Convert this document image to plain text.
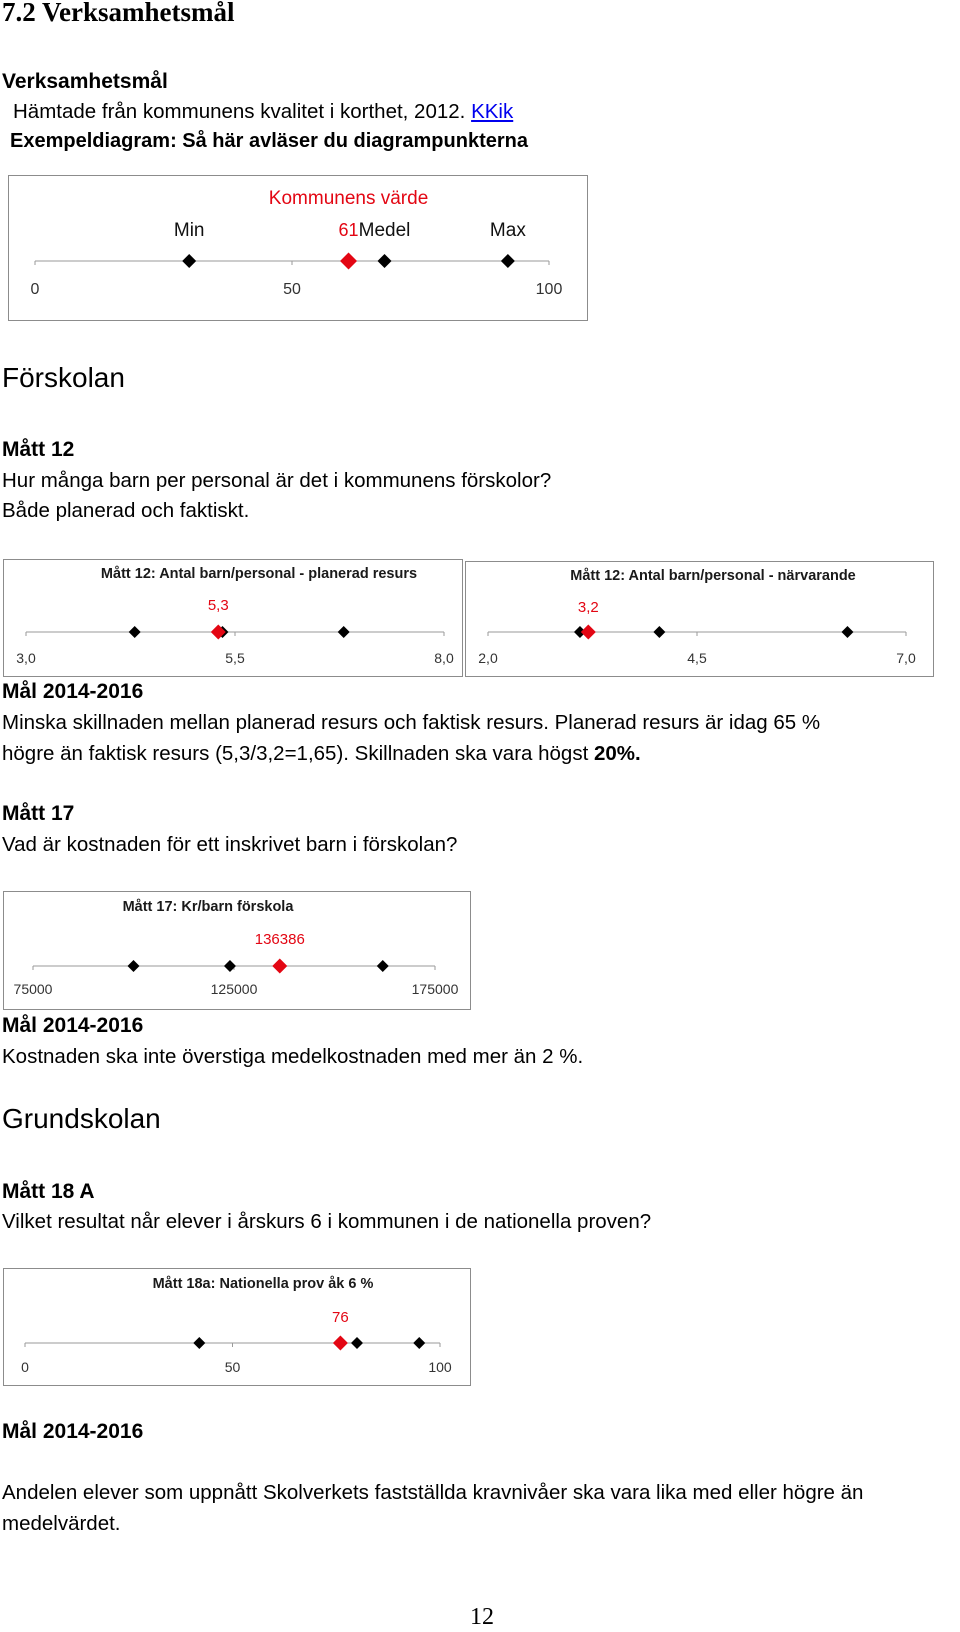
7.2 Verksamhetsmål
Verksamhetsmål
Hämtade från kommunens kvalitet i korthet, 2012. KKik
Exempeldiagram: Så här avläser du diagrampunkterna
0	50	100
Min	Medel	Max
61
Kommunens värde
Förskolan
Mått 12
Hur många barn per personal är det i kommunens förskolor?
Både planerad och faktiskt.
Mått 12: Antal barn/personal - planerad resurs
3,0	5,5	8,0
5,3
Mått 12: Antal barn/personal - närvarande
2,0	4,5	7,0
3,2
Mål 2014-2016
Minska skillnaden mellan planerad resurs och faktisk resurs. Planerad resurs är idag 65 %
högre än faktisk resurs (5,3/3,2=1,65). Skillnaden ska vara högst 20%.
Mått 17
Vad är kostnaden för ett inskrivet barn i förskolan?
Mått 17: Kr/barn förskola
75000	125000	175000
136386
Mål 2014-2016
Kostnaden ska inte överstiga medelkostnaden med mer än 2 %.
Grundskolan
Mått 18 A
Vilket resultat når elever i årskurs 6 i kommunen i de nationella proven?
Mått 18a: Nationella prov åk 6 %
0	50	100
76
Mål 2014-2016
Andelen elever som uppnått Skolverkets fastställda kravnivåer ska vara lika med eller högre än
medelvärdet.
12
